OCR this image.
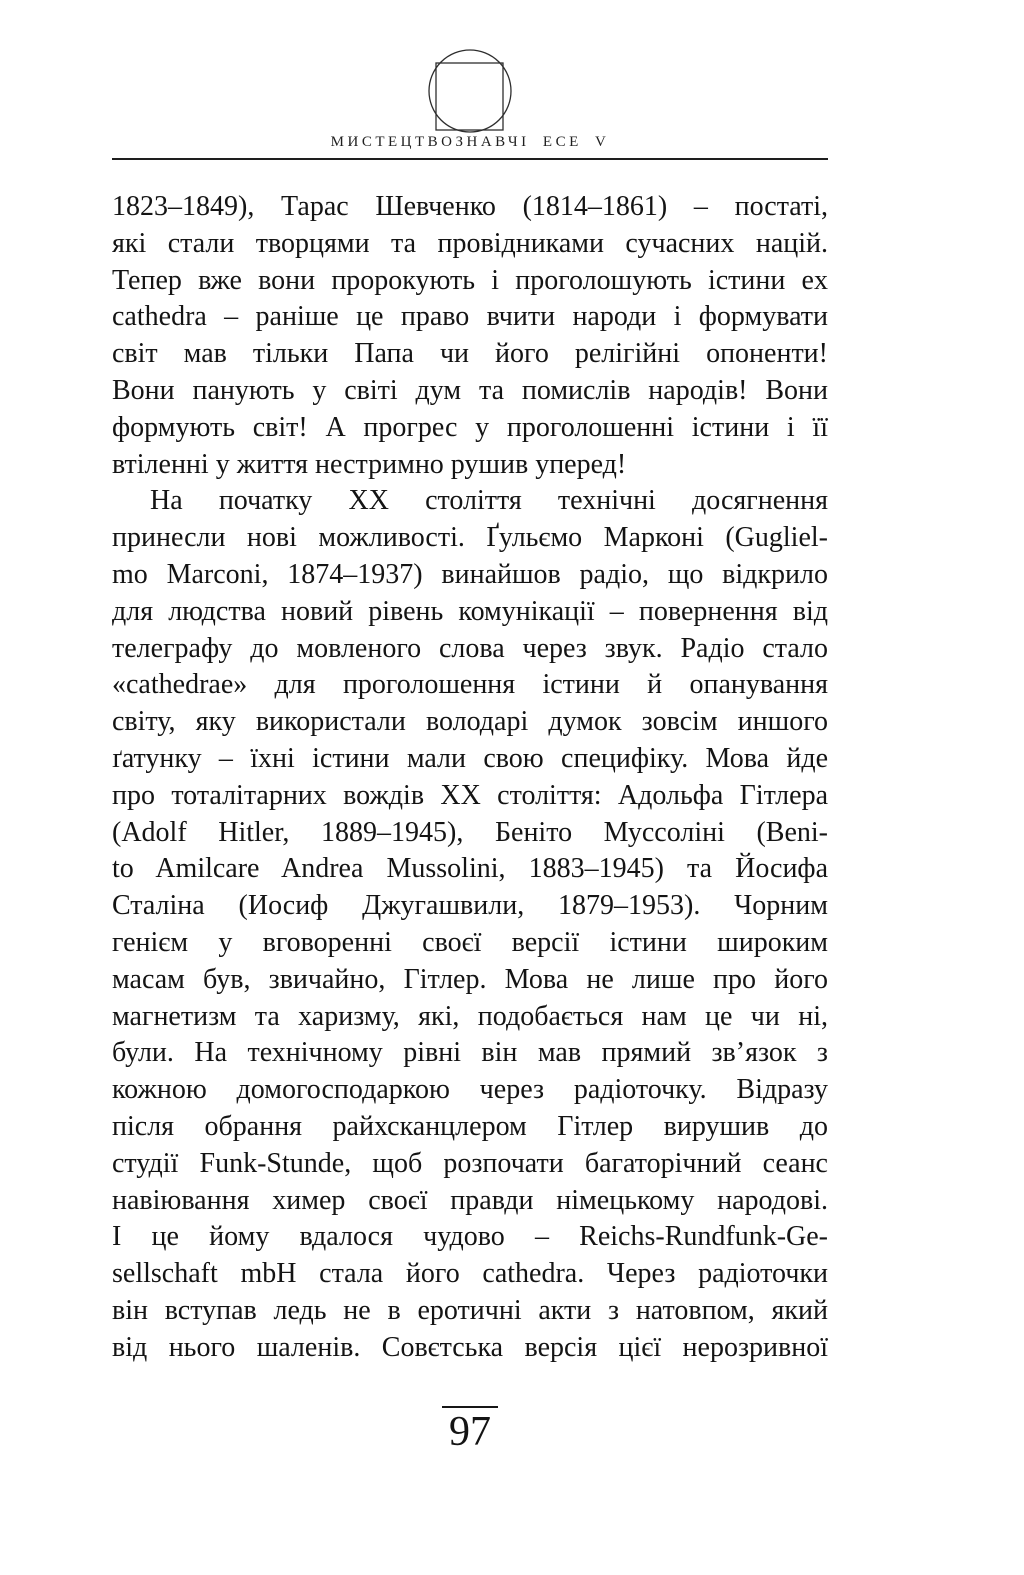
МИСТЕЦТВОЗНАВЧІ ЕСЕ V
1823–1849), Тарас Шевченко (1814–1861) – постаті,
які стали творцями та провідниками сучасних націй.
Тепер вже вони пророкують і проголошують істини ex
cathedra – раніше це право вчити народи і формувати
світ мав тільки Папа чи його релігійні опоненти!
Вони панують у світі дум та помислів народів! Вони
формують світ! А прогрес у проголошенні істини і її
втіленні у життя нестримно рушив уперед!
На початку XX століття технічні досягнення
принесли нові можливості. Ґульємо Марконі (Gugliel-
mo Marconi, 1874–1937) винайшов радіо, що відкрило
для людства новий рівень комунікації – повернення від
телеграфу до мовленого слова через звук. Радіо стало
«cathedrae» для проголошення істини й опанування
світу, яку використали володарі думок зовсім иншого
ґатунку – їхні істини мали свою специфіку. Мова йде
про тоталітарних вождів XX століття: Адольфа Гітлера
(Adolf Hitler, 1889–1945), Беніто Муссоліні (Beni-
to Amilcare Andrea Mussolini, 1883–1945) та Йосифа
Сталіна (Иосиф Джугашвили, 1879–1953). Чорним
генієм у вговоренні своєї версії істини широким
масам був, звичайно, Гітлер. Мова не лише про його
магнетизм та харизму, які, подобається нам це чи ні,
були. На технічному рівні він мав прямий зв’язок з
кожною домогосподаркою через радіоточку. Відразу
після обрання райхсканцлером Гітлер вирушив до
студії Funk-Stunde, щоб розпочати багаторічний сеанс
навіювання химер своєї правди німецькому народові.
І це йому вдалося чудово – Reichs-Rundfunk-Ge-
sellschaft mbH стала його cathedra. Через радіоточки
він вступав ледь не в еротичні акти з натовпом, який
від нього шаленів. Совєтська версія цієї нерозривної
97
